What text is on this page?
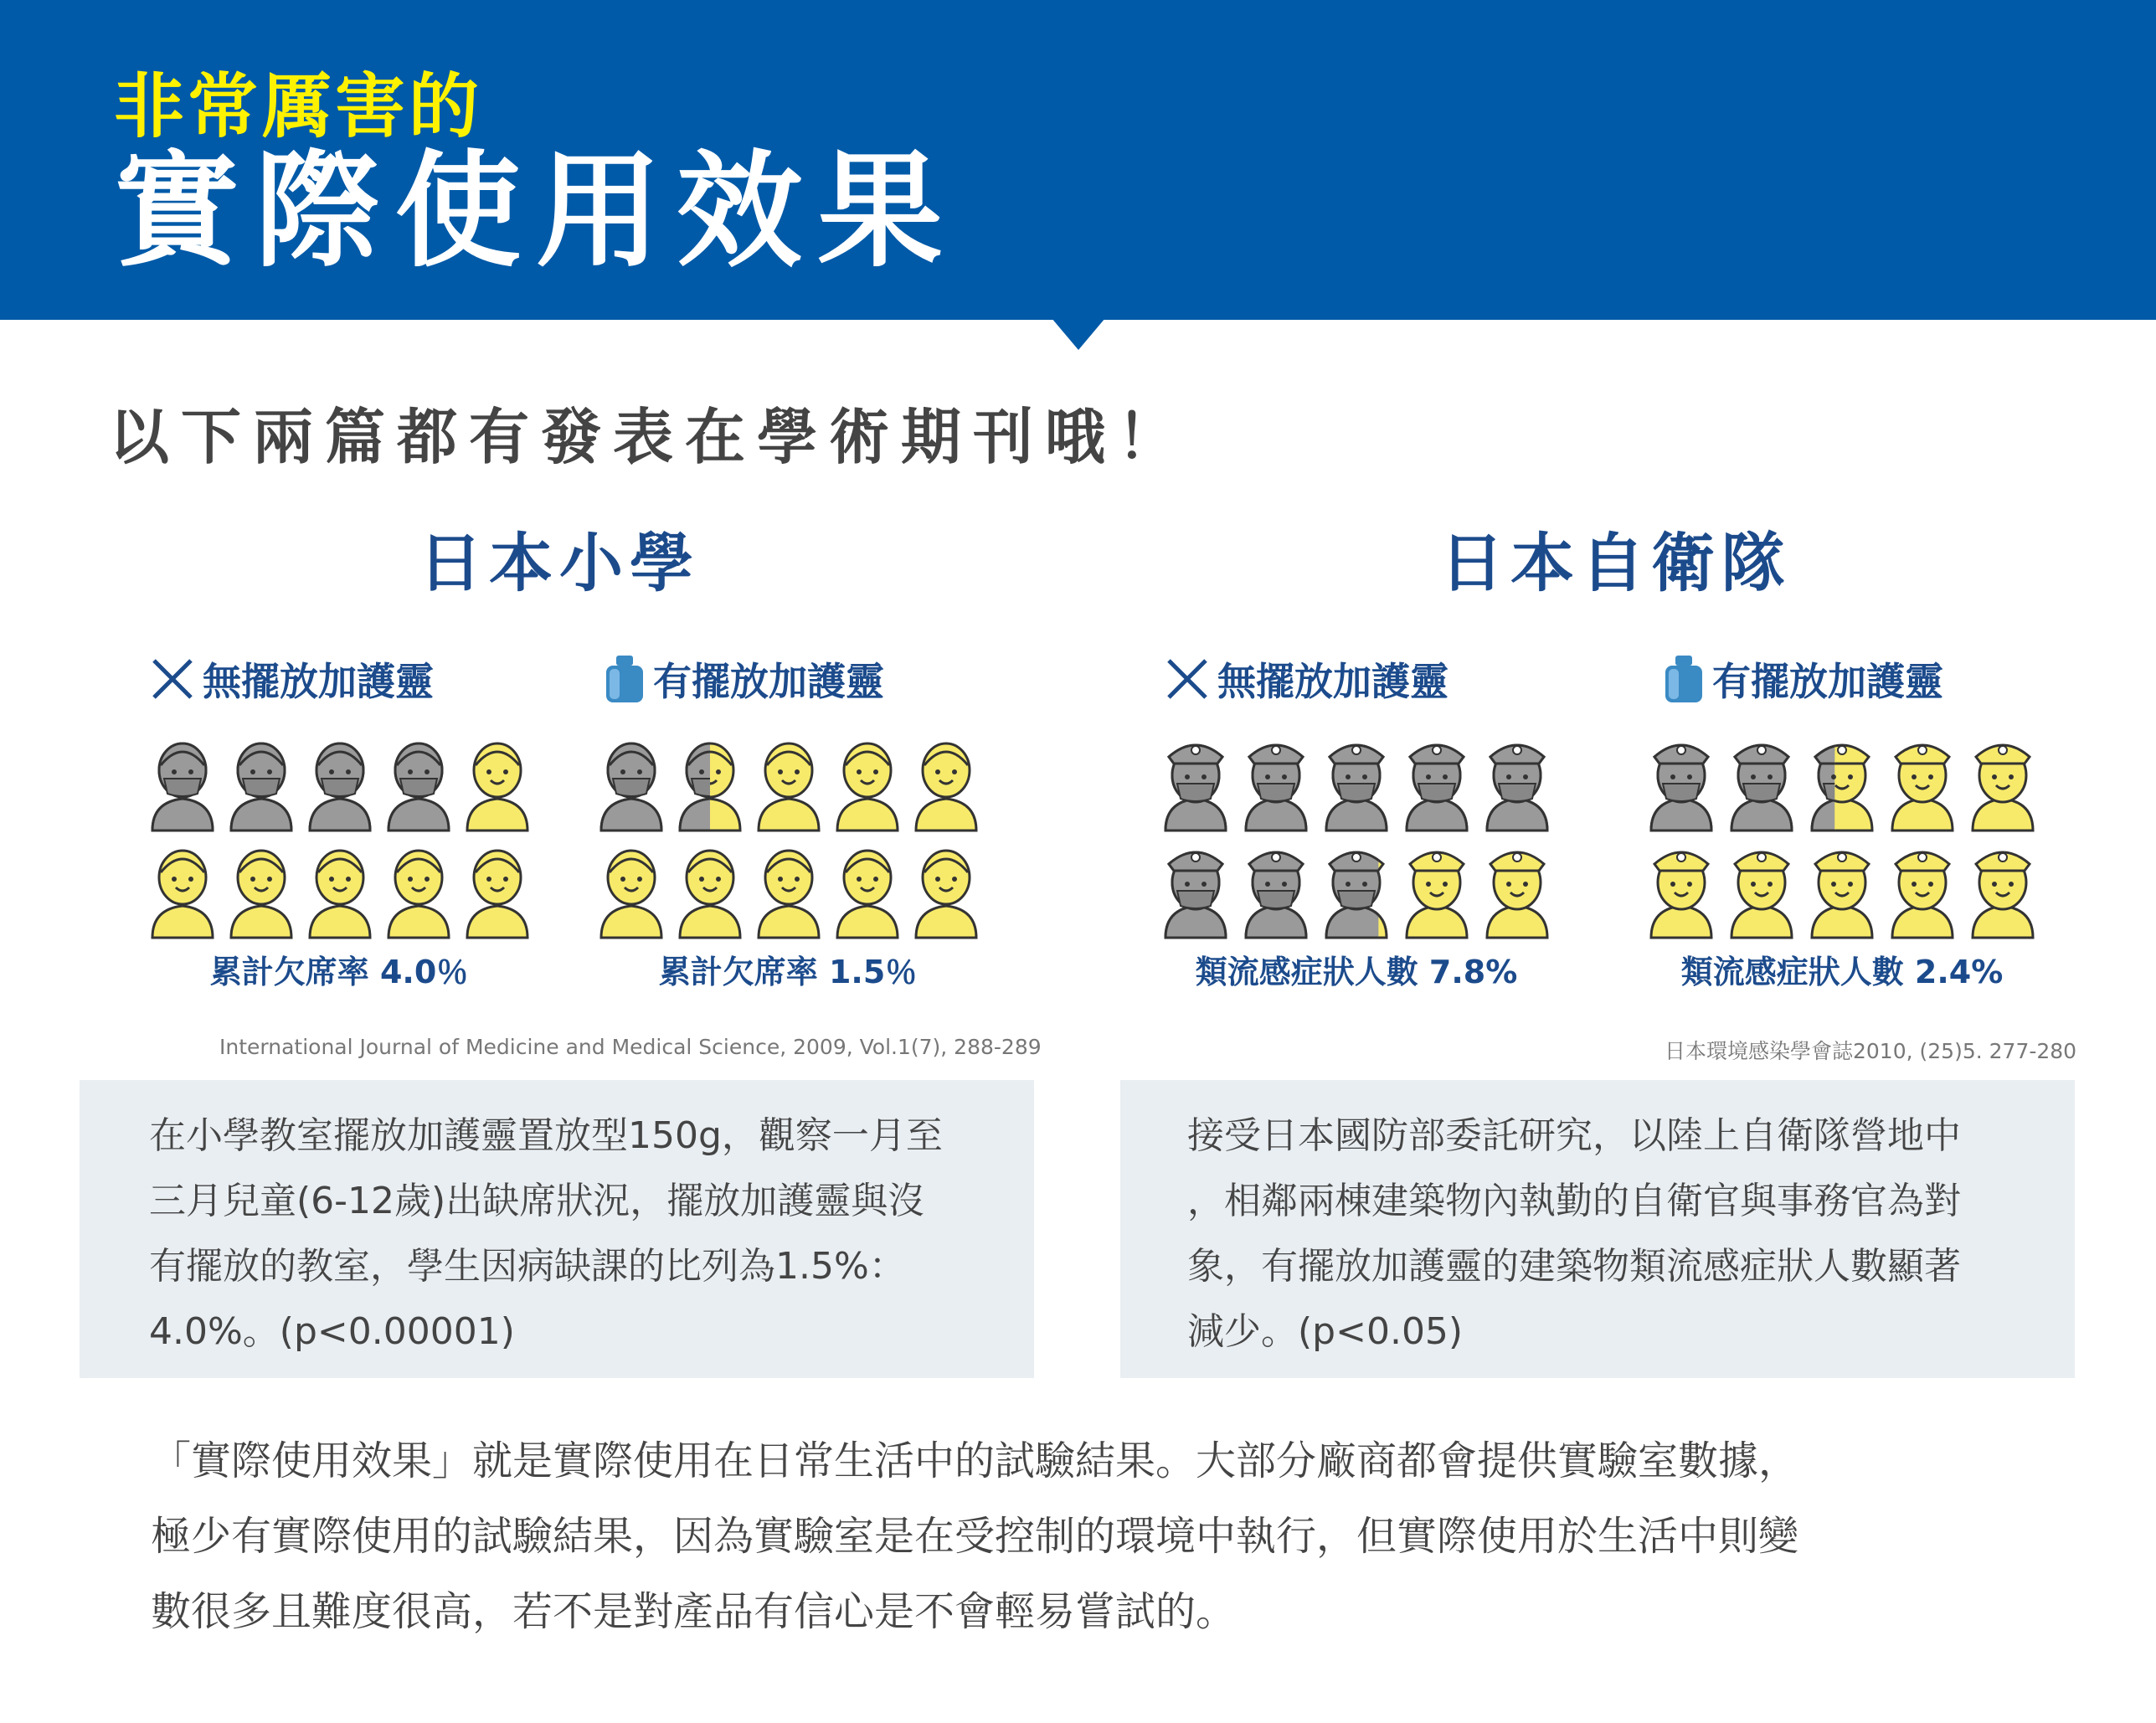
非常厲害的
實際使用效果
以下兩篇都有發表在學術期刊哦！
日本小學
無擺放加護靈	有擺放加護靈
累計欠席率 4.0％	累計欠席率 1.5％
International Journal of Medicine and Medical Science, 2009, Vol.1(7), 288-289
在小學教室擺放加護靈置放型150g，觀察一月至
三月兒童(6-12歲)出缺席狀況，擺放加護靈與沒
有擺放的教室，學生因病缺課的比列為1.5%：
4.0%。(p<0.00001)
日本自衛隊
無擺放加護靈	有擺放加護靈
類流感症狀人數 7.8%	類流感症狀人數 2.4%
日本環境感染學會誌2010, (25)5. 277-280
接受日本國防部委託研究，以陸上自衛隊營地中
，相鄰兩棟建築物內執勤的自衛官與事務官為對
象，有擺放加護靈的建築物類流感症狀人數顯著
減少。(p<0.05)
「實際使用效果」就是實際使用在日常生活中的試驗結果。大部分廠商都會提供實驗室數據，
極少有實際使用的試驗結果，因為實驗室是在受控制的環境中執行，但實際使用於生活中則變
數很多且難度很高，若不是對產品有信心是不會輕易嘗試的。
